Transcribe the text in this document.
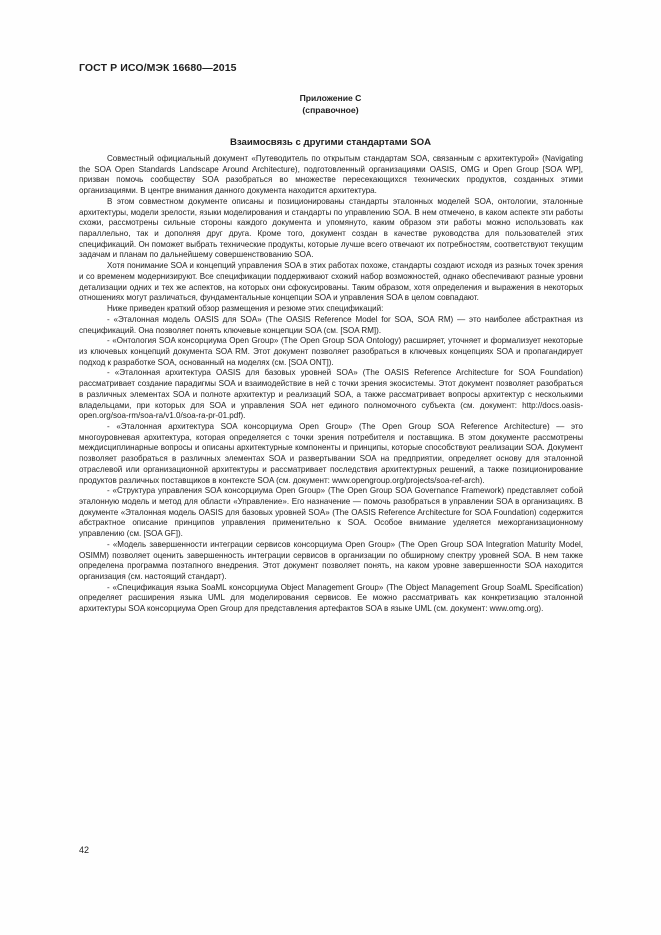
ГОСТ Р ИСО/МЭК 16680—2015
Приложение С
(справочное)
Взаимосвязь с другими стандартами SOA

Совместный официальный документ «Путеводитель по открытым стандартам SOA, связанным с архитектурой» (Navigating the SOA Open Standards Landscape Around Architecture), подготовленный организациями OASIS, OMG и Open Group [SOA WP], призван помочь сообществу SOA разобраться во множестве пересекающихся технических продуктов, созданных этими организациями. В центре внимания данного документа находится архитектура.

В этом совместном документе описаны и позиционированы стандарты эталонных моделей SOA, онтологии, эталонные архитектуры, модели зрелости, языки моделирования и стандарты по управлению SOA. В нем отмечено, в каком аспекте эти работы схожи, рассмотрены сильные стороны каждого документа и упомянуто, каким образом эти работы можно использовать как параллельно, так и дополняя друг друга. Кроме того, документ создан в качестве руководства для пользователей этих спецификаций. Он поможет выбрать технические продукты, которые лучше всего отвечают их потребностям, соответствуют текущим задачам и планам по дальнейшему совершенствованию SOA.

Хотя понимание SOA и концепций управления SOA в этих работах похоже, стандарты создают исходя из разных точек зрения и со временем модернизируют. Все спецификации поддерживают схожий набор возможностей, однако обеспечивают разные уровни детализации одних и тех же аспектов, на которых они сфокусированы. Таким образом, хотя определения и выражения в некоторых отношениях могут различаться, фундаментальные концепции SOA и управления SOA в целом совпадают.

Ниже приведен краткий обзор размещения и резюме этих спецификаций:

- «Эталонная модель OASIS для SOA» (The OASIS Reference Model for SOA, SOA RM) — это наиболее абстрактная из спецификаций. Она позволяет понять ключевые концепции SOA (см. [SOA RM]).

- «Онтология SOA консорциума Open Group» (The Open Group SOA Ontology) расширяет, уточняет и формализует некоторые из ключевых концепций документа SOA RM. Этот документ позволяет разобраться в ключевых концепциях SOA и пропагандирует подход к разработке SOA, основанный на моделях (см. [SOA ONT]).

- «Эталонная архитектура OASIS для базовых уровней SOA» (The OASIS Reference Architecture for SOA Foundation) рассматривает создание парадигмы SOA и взаимодействие в ней с точки зрения экосистемы. Этот документ позволяет разобраться в различных элементах SOA и полноте архитектур и реализаций SOA, а также рассматривает вопросы архитектур с несколькими владельцами, при которых для SOA и управления SOA нет единого полномочного субъекта (см. документ: http://docs.oasis-open.org/soa-rm/soa-ra/v1.0/soa-ra-pr-01.pdf).

- «Эталонная архитектура SOA консорциума Open Group» (The Open Group SOA Reference Architecture) — это многоуровневая архитектура, которая определяется с точки зрения потребителя и поставщика. В этом документе рассмотрены междисциплинарные вопросы и описаны архитектурные компоненты и принципы, которые способствуют реализации SOA. Документ позволяет разобраться в различных элементах SOA и развертывании SOA на предприятии, определяет основу для эталонной отраслевой или организационной архитектуры и рассматривает последствия архитектурных решений, а также позиционирование продуктов различных поставщиков в контексте SOA (см. документ: www.opengroup.org/projects/soa-ref-arch).

- «Структура управления SOA консорциума Open Group» (The Open Group SOA Governance Framework) представляет собой эталонную модель и метод для области «Управление». Его назначение — помочь разобраться в управлении SOA в организациях. В документе «Эталонная модель OASIS для базовых уровней SOA» (The OASIS Reference Architecture for SOA Foundation) содержится абстрактное описание принципов управления применительно к SOA. Особое внимание уделяется межорганизационному управлению (см. [SOA GF]).

- «Модель завершенности интеграции сервисов консорциума Open Group» (The Open Group SOA Integration Maturity Model, OSIMM) позволяет оценить завершенность интеграции сервисов в организации по обширному спектру уровней SOA. В нем также определена программа поэтапного внедрения. Этот документ позволяет понять, на каком уровне завершенности SOA находится организация (см. настоящий стандарт).

- «Спецификация языка SoaML консорциума Object Management Group» (The Object Management Group SoaML Specification) определяет расширения языка UML для моделирования сервисов. Ее можно рассматривать как конкретизацию эталонной архитектуры SOA консорциума Open Group для представления артефактов SOA в языке UML (см. документ: www.omg.org).

42
